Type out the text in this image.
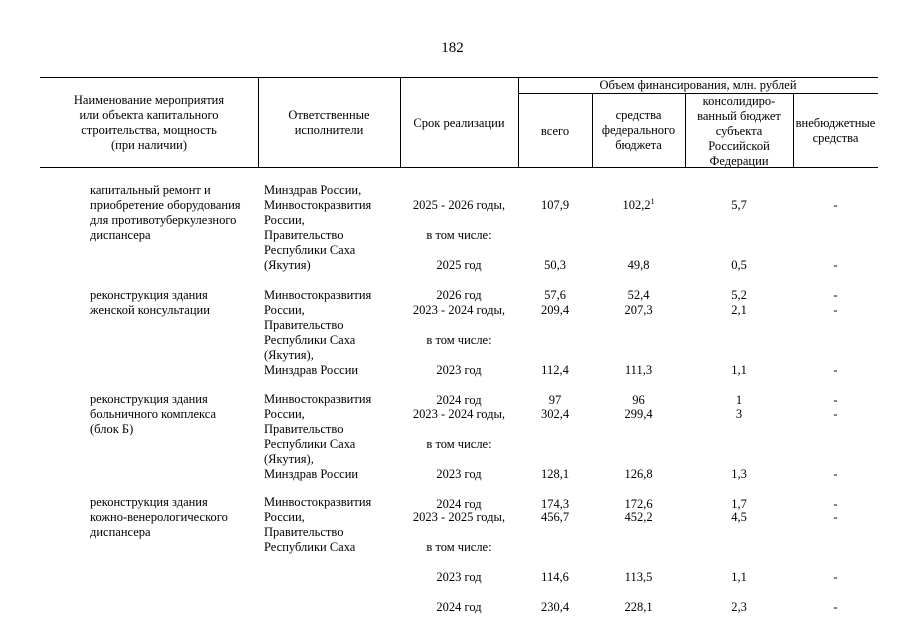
182
Наименование мероприятия
или объекта капитального
строительства, мощность
(при наличии)
Ответственные
исполнители	Срок реализации
Объем финансирования, млн. рублей
всего
средства
федерального
бюджета
консолидиро-
ванный бюджет
субъекта
Российской
Федерации
внебюджетные
средства
капитальный ремонт и
приобретение оборудования
для противотуберкулезного
диспансера
Минздрав России,
Минвостокразвития
России,
Правительство
Республики Саха
(Якутия)

2025 - 2026 годы,

в том числе:

2025 год

2026 год

107,9

50,3

57,6

102,2$^1$

49,8

52,4

5,7

0,5

5,2

-

-

-

реконструкция здания
женской консультации
Минвостокразвития
России,
Правительство
Республики Саха
(Якутия),
Минздрав России

2023 - 2024 годы,

в том числе:

2023 год

2024 год

209,4

112,4

97

207,3

111,3

96

2,1

1,1

1

-

-

-

реконструкция здания
больничного комплекса
(блок Б)
Минвостокразвития
России,
Правительство
Республики Саха
(Якутия),
Минздрав России

2023 - 2024 годы,

в том числе:

2023 год

2024 год

302,4

128,1

174,3

299,4

126,8

172,6

3

1,3

1,7

-

-

-

реконструкция здания
кожно-венерологического
диспансера
Минвостокразвития
России,
Правительство
Республики Саха

2023 - 2025 годы,

в том числе:

2023 год

2024 год

456,7

114,6

230,4

452,2

113,5

228,1

4,5

1,1

2,3

-

-

-
